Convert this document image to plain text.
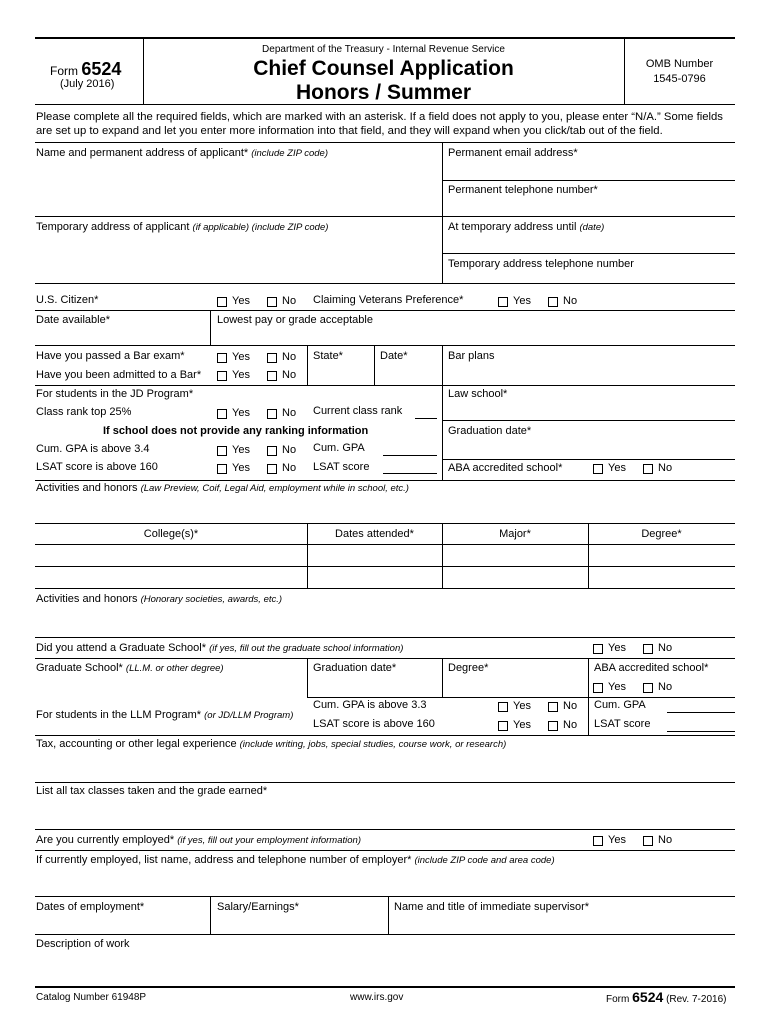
Form 6524
(July 2016)
Department of the Treasury - Internal Revenue Service
Chief Counsel Application
Honors / Summer
OMB Number
1545-0796
Please complete all the required fields, which are marked with an asterisk. If a field does not apply to you, please enter “N/A.” Some fields
are set up to expand and let you enter more information into that field, and they will expand when you click/tab out of the field.
Name and permanent address of applicant* (include ZIP code)	Permanent email address*
Permanent telephone number*
Temporary address of applicant (if applicable) (include ZIP code)	At temporary address until (date)
Temporary address telephone number
U.S. Citizen*	Yes	No Claiming Veterans Preference*	Yes	No
Date available*	Lowest pay or grade acceptable
Have you passed a Bar exam*	Yes	No State*	Date*	Bar plans
Have you been admitted to a Bar*	Yes	No
For students in the JD Program*	Law school*
Class rank top 25%	Yes	No Current class rank
If school does not provide any ranking information	Graduation date*
Cum. GPA is above 3.4	Yes	No Cum. GPA
LSAT score is above 160	Yes	No LSAT score	ABA accredited school*	Yes	No
Activities and honors (Law Preview, Coif, Legal Aid, employment while in school, etc.)
College(s)*	Dates attended*	Major*	Degree*
Activities and honors (Honorary societies, awards, etc.)
Did you attend a Graduate School* (if yes, fill out the graduate school information)	Yes	No
Graduate School* (LL.M. or other degree)	Graduation date*	Degree*	ABA accredited school*
Yes	No
For students in the LLM Program* (or JD/LLM Program)
Cum. GPA is above 3.3	Yes	No Cum. GPA
LSAT score is above 160	Yes	No LSAT score
Tax, accounting or other legal experience (include writing, jobs, special studies, course work, or research)
List all tax classes taken and the grade earned*
Are you currently employed* (if yes, fill out your employment information)	Yes	No
If currently employed, list name, address and telephone number of employer* (include ZIP code and area code)
Dates of employment*	Salary/Earnings*	Name and title of immediate supervisor*
Description of work
Catalog Number 61948P	www.irs.gov	Form 6524 (Rev. 7-2016)
